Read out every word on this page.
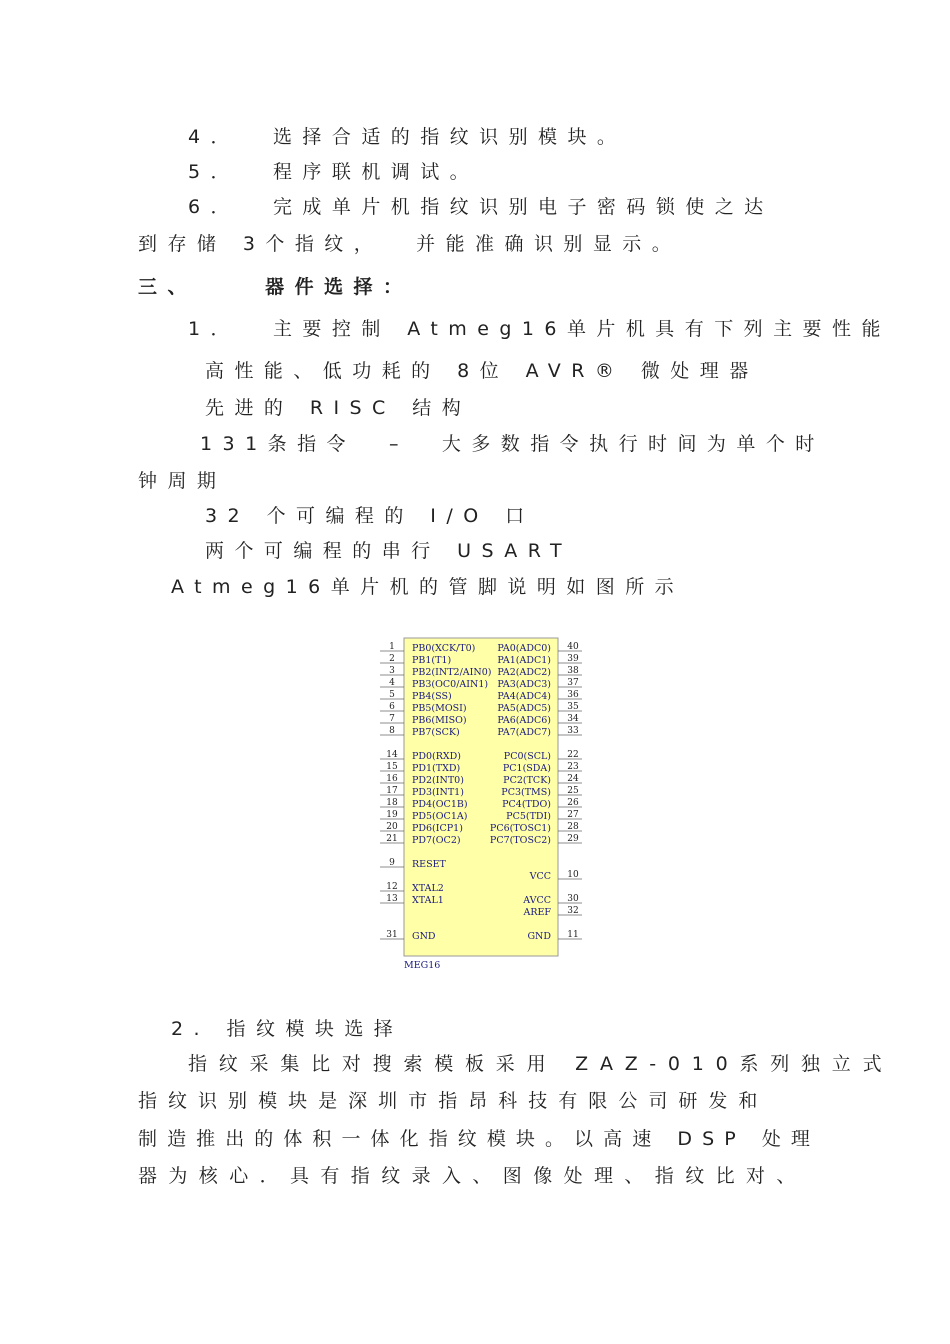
4．  选择合适的指纹识别模块。
5．  程序联机调试。
6．  完成单片机指纹识别电子密码锁使之达
到存储 3个指纹，  并能准确识别显示。
三、    器件选择：
1．  主要控制 Atmeg16单片机具有下列主要性能
高性能、低功耗的 8位 AVR® 微处理器
先进的 RISC 结构
131条指令  –  大多数指令执行时间为单个时
钟周期
32 个可编程的 I/O 口
两个可编程的串行 USART
Atmeg16单片机的管脚说明如图所示
1 PB0(XCK/T0)
2 PB1(T1)
3 PB2(INT2/AIN0)
4 PB3(OC0/AIN1)
5 PB4(SS)
6 PB5(MOSI)
7 PB6(MISO)
8 PB7(SCK)
14 PD0(RXD)
15 PD1(TXD)
16 PD2(INT0)
17 PD3(INT1)
18 PD4(OC1B)
19 PD5(OC1A)
20 PD6(ICP1)
21 PD7(OC2)
9 RESET
12 XTAL2
13 XTAL1
31 GND
40
PA0(ADC0)
39
PA1(ADC1)
38
PA2(ADC2)
37
PA3(ADC3)
36
PA4(ADC4)
35
PA5(ADC5)
34
PA6(ADC6)
33
PA7(ADC7)
22
PC0(SCL)
23
PC1(SDA)
24
PC2(TCK)
25
PC3(TMS)
26
PC4(TDO)
27
PC5(TDI)
28
PC6(TOSC1)
29
PC7(TOSC2)
10
VCC
30
AVCC
32
AREF
11
GND
MEG16
2. 指纹模块选择
指纹采集比对搜索模板采用 ZAZ-010系列独立式
指纹识别模块是深圳市指昂科技有限公司研发和
制造推出的体积一体化指纹模块。以高速 DSP 处理
器为核心．具有指纹录入、图像处理、指纹比对、
